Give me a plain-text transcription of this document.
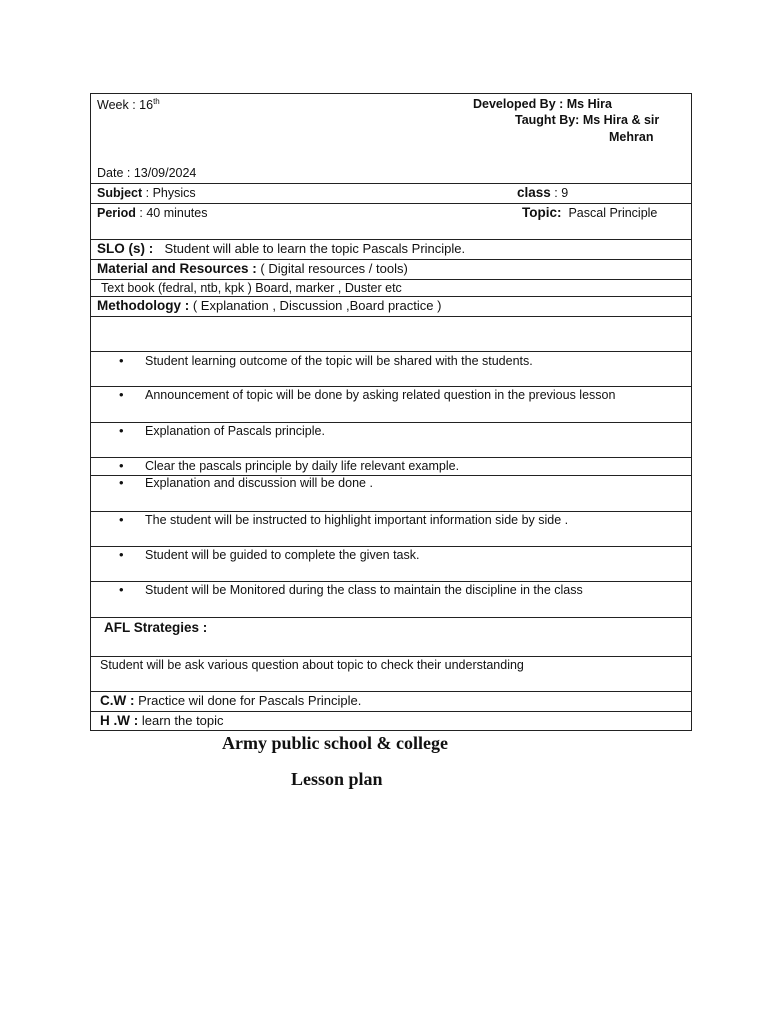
Week : 16th	Developed By : Ms Hira
Taught By: Ms Hira & sir
Mehran
Date : 13/09/2024
Subject : Physics	class : 9
Period : 40 minutes	Topic: Pascal Principle
SLO (s) : Student will able to learn the topic Pascals Principle.
Material and Resources : ( Digital resources / tools)
Text book (fedral, ntb, kpk ) Board, marker , Duster etc
Methodology : ( Explanation , Discussion ,Board practice )
•	Student learning outcome of the topic will be shared with the students.
•	Announcement of topic will be done by asking related question in the previous lesson
•	Explanation of Pascals principle.
•	Clear the pascals principle by daily life relevant example.
•	Explanation and discussion will be done .
•	The student will be instructed to highlight important information side by side .
•	Student will be guided to complete the given task.
•	Student will be Monitored during the class to maintain the discipline in the class
AFL Strategies :
Student will be ask various question about topic to check their understanding
C.W : Practice wil done for Pascals Principle.
H .W : learn the topic
Army public school & college
Lesson plan
